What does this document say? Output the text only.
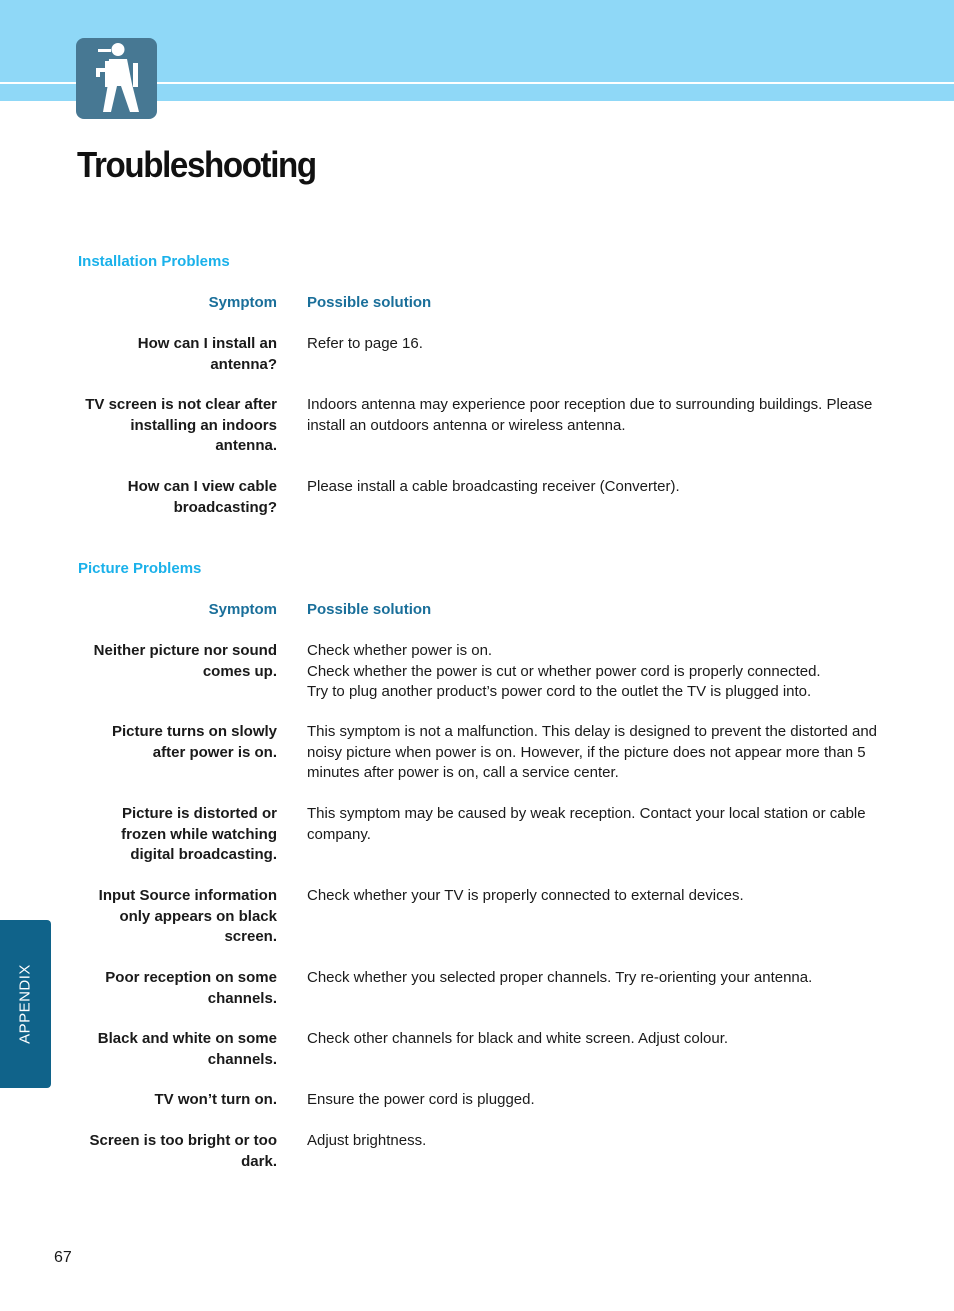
Troubleshooting
Installation Problems
Symptom Possible solution
How can I install an antenna?
Refer to page 16.
TV screen is not clear after installing an indoors antenna.
Indoors antenna may experience poor reception due to surrounding buildings. Please install an outdoors antenna or wireless antenna.
How can I view cable broadcasting?
Please install a cable broadcasting receiver (Converter).
Picture Problems
Symptom Possible solution
Neither picture nor sound comes up.
Check whether power is on.
Check whether the power is cut or whether power cord is properly connected.
Try to plug another product’s power cord to the outlet the TV is plugged into.
Picture turns on slowly after power is on.
This symptom is not a malfunction. This delay is designed to prevent the distorted and noisy picture when power is on. However, if the picture does not appear more than 5 minutes after power is on, call a service center.
Picture is distorted or frozen while watching digital broadcasting.
This symptom may be caused by weak reception. Contact your local station or cable company.
Input Source information only appears on black screen.
Check whether your TV is properly connected to external devices.
Poor reception on some channels.
Check whether you selected proper channels. Try re-orienting your antenna.
Black and white on some channels.
Check other channels for black and white screen. Adjust colour.
TV won’t turn on. Ensure the power cord is plugged.
Screen is too bright or too dark.
Adjust brightness.
APPENDIX
67
